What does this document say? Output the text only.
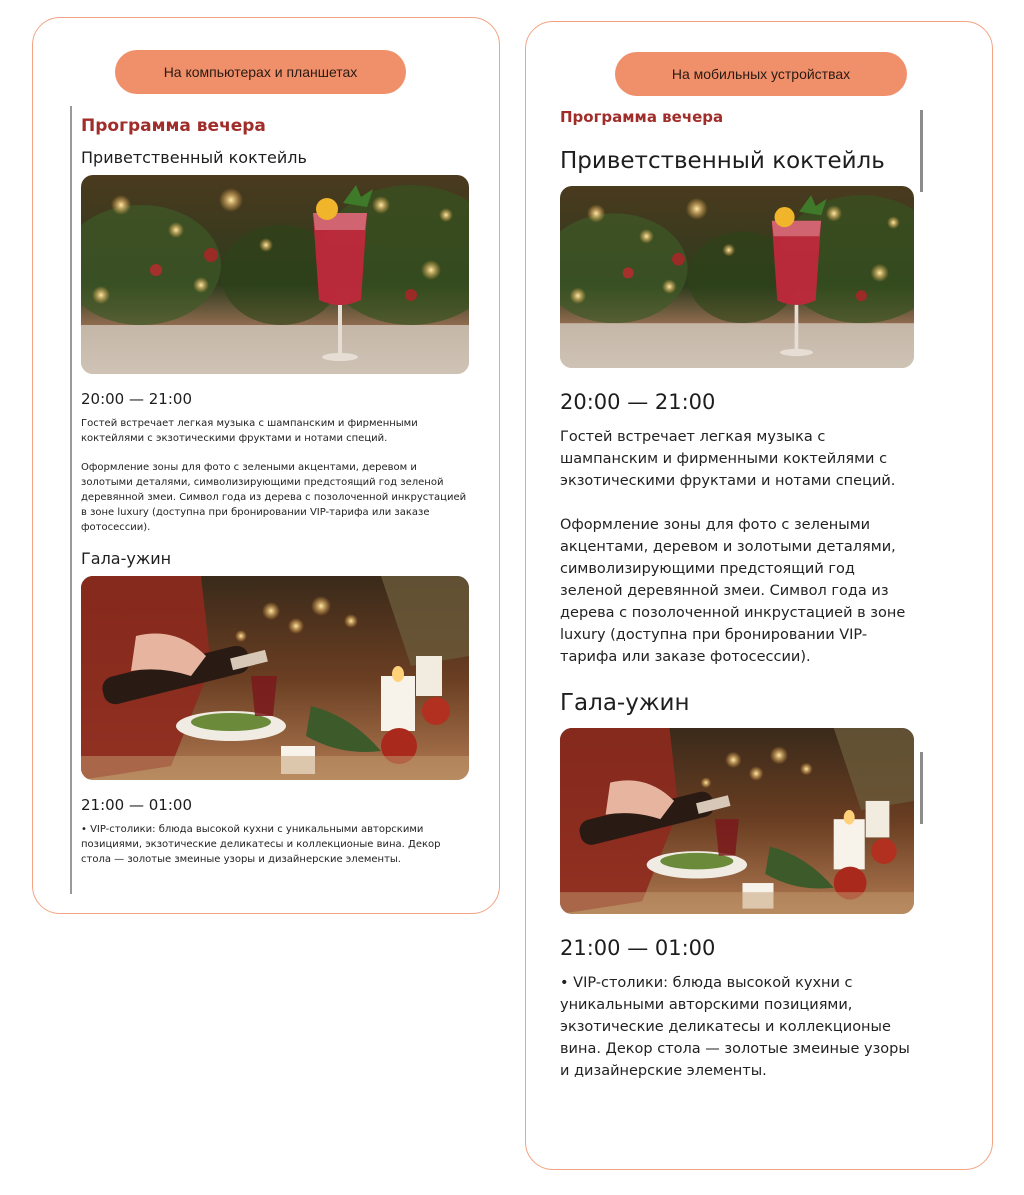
На компьютерах и планшетах
Программа вечера
Приветственный коктейль
20:00 — 21:00
Гостей встречает легкая музыка с шампанским и фирменными коктейлями с экзотическими фруктами и нотами специй.
Оформление зоны для фото с зелеными акцентами, деревом и золотыми деталями, символизирующими предстоящий год зеленой деревянной змеи. Символ года из дерева с позолоченной инкрустацией в зоне luxury (доступна при бронировании VIP-тарифа или заказе фотосессии).
Гала-ужин
21:00 — 01:00
• VIP-столики: блюда высокой кухни с уникальными авторскими позициями, экзотические деликатесы и коллекционые вина. Декор стола — золотые змеиные узоры и дизайнерские элементы.
На мобильных устройствах
Программа вечера
Приветственный коктейль
20:00 — 21:00
Гостей встречает легкая музыка с шампанским и фирменными коктейлями с экзотическими фруктами и нотами специй.
Оформление зоны для фото с зелеными акцентами, деревом и золотыми деталями, символизирующими предстоящий год зеленой деревянной змеи. Символ года из дерева с позолоченной инкрустацией в зоне luxury (доступна при бронировании VIP-тарифа или заказе фотосессии).
Гала-ужин
21:00 — 01:00
• VIP-столики: блюда высокой кухни с уникальными авторскими позициями, экзотические деликатесы и коллекционые вина. Декор стола — золотые змеиные узоры и дизайнерские элементы.
